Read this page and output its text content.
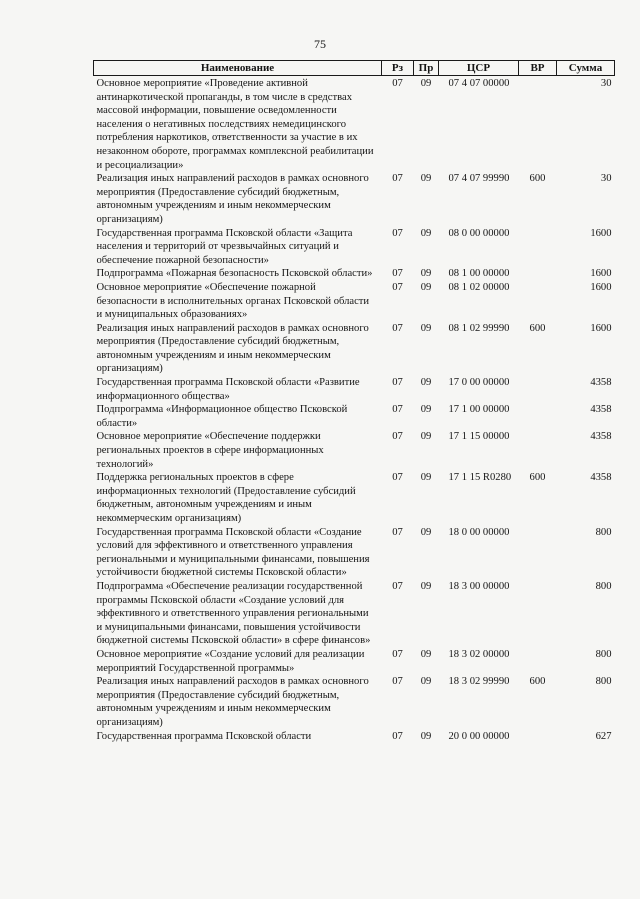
75
Наименование	Рз	Пр	ЦСР	ВР	Сумма
Основное мероприятие «Проведение активной антинаркотической пропаганды, в том числе в средствах массовой информации, повышение осведомленности населения о негативных последствиях немедицинского потребления наркотиков, ответственности за участие в их незаконном обороте, программах комплексной реабилитации и ресоциализации»	07	09	07 4 07 00000		30
Реализация иных направлений расходов в рамках основного мероприятия (Предоставление субсидий бюджетным, автономным учреждениям и иным некоммерческим организациям)	07	09	07 4 07 99990	600	30
Государственная программа Псковской области «Защита населения и территорий от чрезвычайных ситуаций и обеспечение пожарной безопасности»	07	09	08 0 00 00000		1600
Подпрограмма «Пожарная безопасность Псковской области»	07	09	08 1 00 00000		1600
Основное мероприятие «Обеспечение пожарной безопасности в исполнительных органах Псковской области и муниципальных образованиях»	07	09	08 1 02 00000		1600
Реализация иных направлений расходов в рамках основного мероприятия (Предоставление субсидий бюджетным, автономным учреждениям и иным некоммерческим организациям)	07	09	08 1 02 99990	600	1600
Государственная программа Псковской области «Развитие информационного общества»	07	09	17 0 00 00000		4358
Подпрограмма «Информационное общество Псковской области»	07	09	17 1 00 00000		4358
Основное мероприятие «Обеспечение поддержки региональных проектов в сфере информационных технологий»	07	09	17 1 15 00000		4358
Поддержка региональных проектов в сфере информационных технологий (Предоставление субсидий бюджетным, автономным учреждениям и иным некоммерческим организациям)	07	09	17 1 15 R0280	600	4358
Государственная программа Псковской области «Создание условий для эффективного и ответственного управления региональными и муниципальными финансами, повышения устойчивости бюджетной системы Псковской области»	07	09	18 0 00 00000		800
Подпрограмма «Обеспечение реализации государственной программы Псковской области «Создание условий для эффективного и ответственного управления региональными и муниципальными финансами, повышения устойчивости бюджетной системы Псковской области» в сфере финансов»	07	09	18 3 00 00000		800
Основное мероприятие «Создание условий для реализации мероприятий Государственной программы»	07	09	18 3 02 00000		800
Реализация иных направлений расходов в рамках основного мероприятия (Предоставление субсидий бюджетным, автономным учреждениям и иным некоммерческим организациям)	07	09	18 3 02 99990	600	800
Государственная программа Псковской области	07	09	20 0 00 00000		627
